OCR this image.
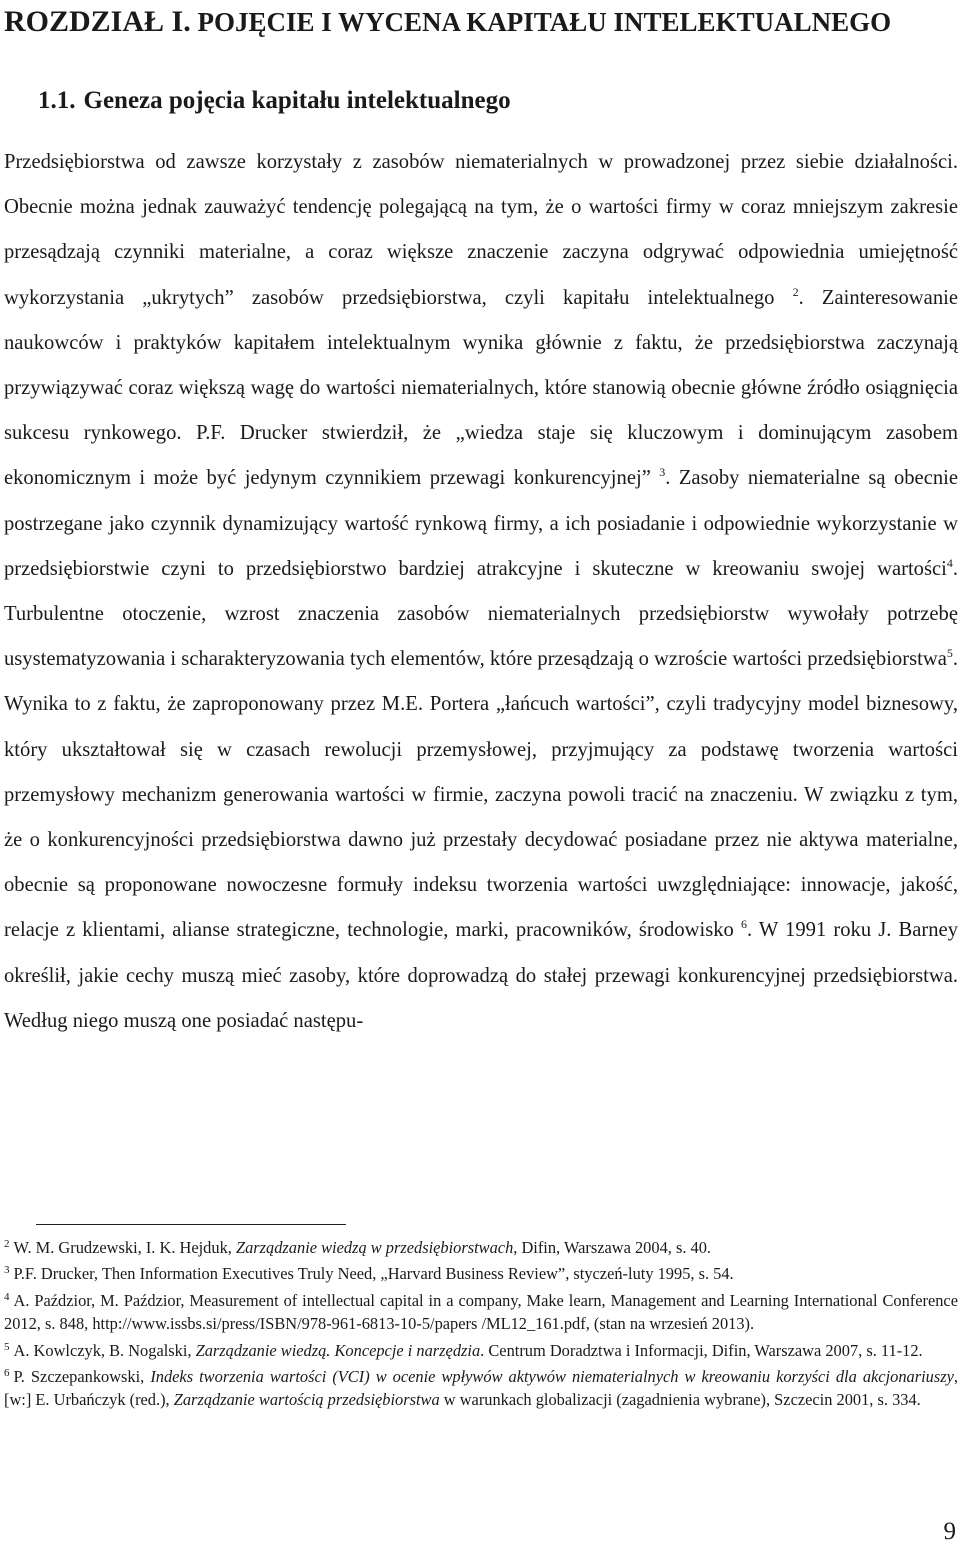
ROZDZIAŁ I. POJĘCIE I WYCENA KAPITAŁU INTELEKTUALNEGO
1.1. Geneza pojęcia kapitału intelektualnego

Przedsiębiorstwa od zawsze korzystały z zasobów niematerialnych w prowadzonej przez siebie działalności. Obecnie można jednak zauważyć tendencję polegającą na tym, że o wartości firmy w coraz mniejszym zakresie przesądzają czynniki materialne, a coraz większe znaczenie zaczyna odgrywać odpowiednia umiejętność wykorzystania „ukrytych” zasobów przedsiębiorstwa, czyli kapitału intelektualnego $^2$. Zainteresowanie naukowców i praktyków kapitałem intelektualnym wynika głównie z faktu, że przedsiębiorstwa zaczynają przywiązywać coraz większą wagę do wartości niematerialnych, które stanowią obecnie główne źródło osiągnięcia sukcesu rynkowego. P.F. Drucker stwierdził, że „wiedza staje się kluczowym i dominującym zasobem ekonomicznym i może być jedynym czynnikiem przewagi konkurencyjnej” $^3$. Zasoby niematerialne są obecnie postrzegane jako czynnik dynamizujący wartość rynkową firmy, a ich posiadanie i odpowiednie wykorzystanie w przedsiębiorstwie czyni to przedsiębiorstwo bardziej atrakcyjne i skuteczne w kreowaniu swojej wartości$^4$. Turbulentne otoczenie, wzrost znaczenia zasobów niematerialnych przedsiębiorstw wywołały potrzebę usystematyzowania i scharakteryzowania tych elementów, które przesądzają o wzroście wartości przedsiębiorstwa$^5$. Wynika to z faktu, że zaproponowany przez M.E. Portera „łańcuch wartości”, czyli tradycyjny model biznesowy, który ukształtował się w czasach rewolucji przemysłowej, przyjmujący za podstawę tworzenia wartości przemysłowy mechanizm generowania wartości w firmie, zaczyna powoli tracić na znaczeniu. W związku z tym, że o konkurencyjności przedsiębiorstwa dawno już przestały decydować posiadane przez nie aktywa materialne, obecnie są proponowane nowoczesne formuły indeksu tworzenia wartości uwzględniające: innowacje, jakość, relacje z klientami, alianse strategiczne, technologie, marki, pracowników, środowisko $^6$. W 1991 roku J. Barney określił, jakie cechy muszą mieć zasoby, które doprowadzą do stałej przewagi konkurencyjnej przedsiębiorstwa. Według niego muszą one posiadać następu-

$^2$ W. M. Grudzewski, I. K. Hejduk, Zarządzanie wiedzą w przedsiębiorstwach, Difin, Warszawa 2004, s. 40.

$^3$ P.F. Drucker, Then Information Executives Truly Need, „Harvard Business Review”, styczeń-luty 1995, s. 54.

$^4$ A. Paździor, M. Paździor, Measurement of intellectual capital in a company, Make learn, Management and Learning International Conference 2012, s. 848, http://www.issbs.si/press/ISBN/978-961-6813-10-5/papers /ML12_161.pdf, (stan na wrzesień 2013).

$^5$ A. Kowlczyk, B. Nogalski, Zarządzanie wiedzą. Koncepcje i narzędzia. Centrum Doradztwa i Informacji, Difin, Warszawa 2007, s. 11-12.

$^6$ P. Szczepankowski, Indeks tworzenia wartości (VCI) w ocenie wpływów aktywów niematerialnych w kreowaniu korzyści dla akcjonariuszy, [w:] E. Urbańczyk (red.), Zarządzanie wartością przedsiębiorstwa w warunkach globalizacji (zagadnienia wybrane), Szczecin 2001, s. 334.

9
